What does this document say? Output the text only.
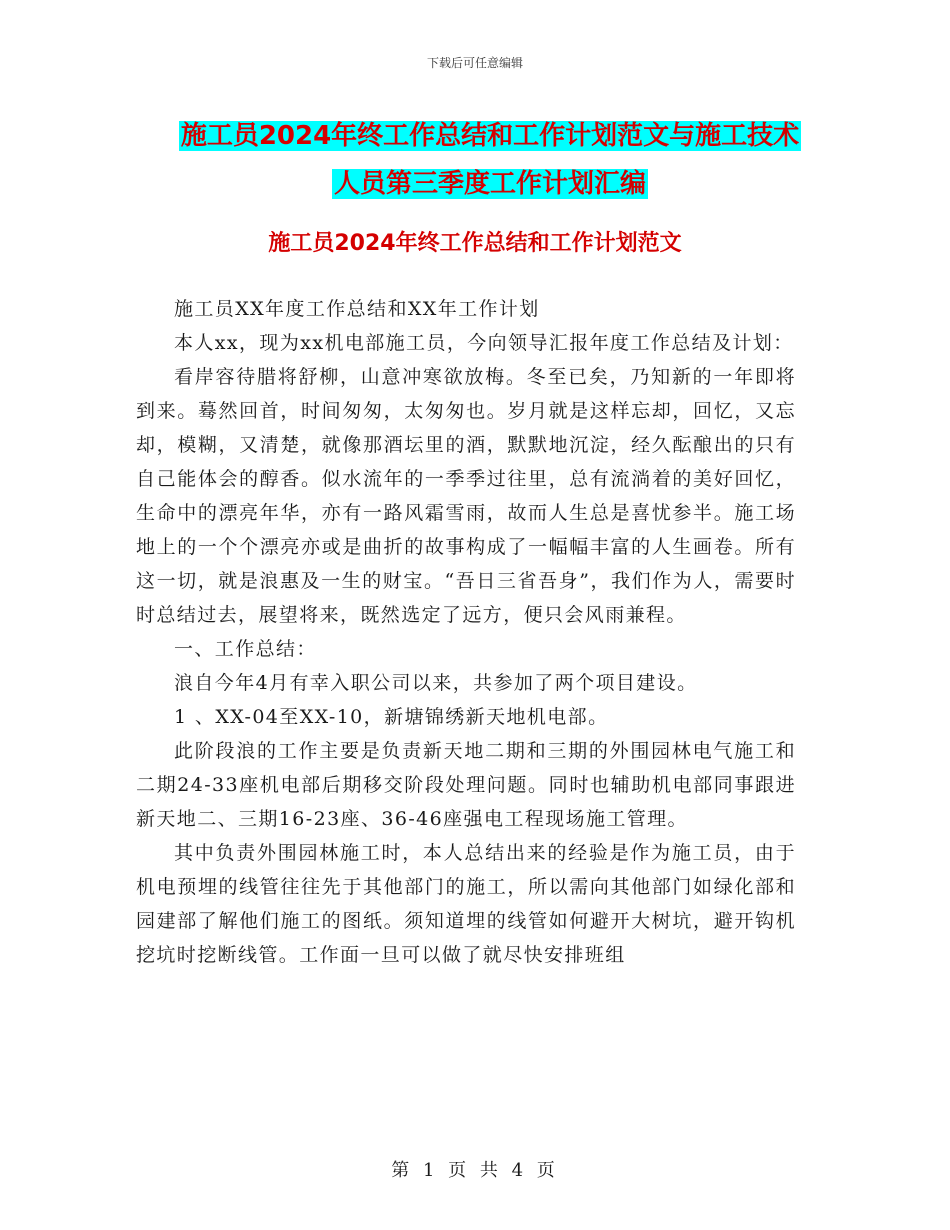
下载后可任意编辑
施工员2024年终工作总结和工作计划范文与施工技术
人员第三季度工作计划汇编
施工员2024年终工作总结和工作计划范文

施工员XX年度工作总结和XX年工作计划

本人xx，现为xx机电部施工员，今向领导汇报年度工作总结及计划：

看岸容待腊将舒柳，山意冲寒欲放梅。冬至已矣，乃知新的一年即将到来。蓦然回首，时间匆匆，太匆匆也。岁月就是这样忘却，回忆，又忘却，模糊，又清楚，就像那酒坛里的酒，默默地沉淀，经久酝酿出的只有自己能体会的醇香。似水流年的一季季过往里，总有流淌着的美好回忆，生命中的漂亮年华，亦有一路风霜雪雨，故而人生总是喜忧参半。施工场地上的一个个漂亮亦或是曲折的故事构成了一幅幅丰富的人生画卷。所有这一切，就是浪惠及一生的财宝。“吾日三省吾身”，我们作为人，需要时时总结过去，展望将来，既然选定了远方，便只会风雨兼程。

一、工作总结：

浪自今年4月有幸入职公司以来，共参加了两个项目建设。

1 、XX-04至XX-10，新塘锦绣新天地机电部。

此阶段浪的工作主要是负责新天地二期和三期的外围园林电气施工和二期24-33座机电部后期移交阶段处理问题。同时也辅助机电部同事跟进新天地二、三期16-23座、36-46座强电工程现场施工管理。

其中负责外围园林施工时，本人总结出来的经验是作为施工员，由于机电预埋的线管往往先于其他部门的施工，所以需向其他部门如绿化部和园建部了解他们施工的图纸。须知道埋的线管如何避开大树坑，避开钩机挖坑时挖断线管。工作面一旦可以做了就尽快安排班组

第 1 页 共 4 页
